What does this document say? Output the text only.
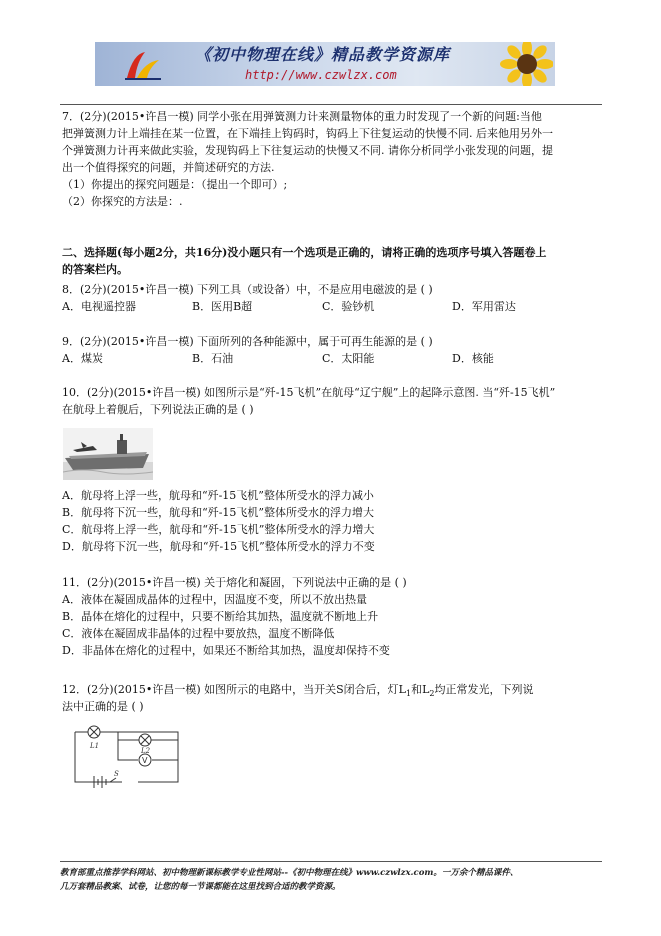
《初中物理在线》精品教学资源库
http://www.czwlzx.com
7．(2分)(2015•许昌一模) 同学小张在用弹簧测力计来测量物体的重力时发现了一个新的问题:当他
把弹簧测力计上端挂在某一位置，在下端挂上钩码时，钩码上下往复运动的快慢不同. 后来他用另外一
个弹簧测力计再来做此实验，发现钩码上下往复运动的快慢又不同. 请你分析同学小张发现的问题，提
出一个值得探究的问题，并简述研究的方法.
（1）你提出的探究问题是：（提出一个即可）;
（2）你探究的方法是：.
二、选择题(每小题2分，共16分)没小题只有一个选项是正确的，请将正确的选项序号填入答题卷上
的答案栏内。
8．(2分)(2015•许昌一模) 下列工具（或设备）中，不是应用电磁波的是 ( )
A．电视遥控器	B．医用B超	C．验钞机	D．军用雷达
9．(2分)(2015•许昌一模) 下面所列的各种能源中，属于可再生能源的是 ( )
A．煤炭	B．石油	C．太阳能	D．核能
10．(2分)(2015•许昌一模) 如图所示是“歼-15飞机”在航母“辽宁舰”上的起降示意图. 当“歼-15飞机”
在航母上着舰后，下列说法正确的是 ( )
A．航母将上浮一些，航母和“歼-15飞机”整体所受水的浮力减小
B．航母将下沉一些，航母和“歼-15飞机”整体所受水的浮力增大
C．航母将上浮一些，航母和“歼-15飞机”整体所受水的浮力增大
D．航母将下沉一些，航母和“歼-15飞机”整体所受水的浮力不变
11．(2分)(2015•许昌一模) 关于熔化和凝固，下列说法中正确的是 ( )
A．液体在凝固成晶体的过程中，因温度不变，所以不放出热量
B．晶体在熔化的过程中，只要不断给其加热，温度就不断地上升
C．液体在凝固成非晶体的过程中要放热，温度不断降低
D．非晶体在熔化的过程中，如果还不断给其加热，温度却保持不变
12．(2分)(2015•许昌一模) 如图所示的电路中，当开关S闭合后，灯$L_1$和$L_2$均正常发光，下列说
法中正确的是 ( )
V
L1
L2
S
教育部重点推荐学科网站、初中物理新课标教学专业性网站--《初中物理在线》www.czwlzx.com。一万余个精品课件、
几万套精品教案、试卷，让您的每一节课都能在这里找到合适的教学资源。
